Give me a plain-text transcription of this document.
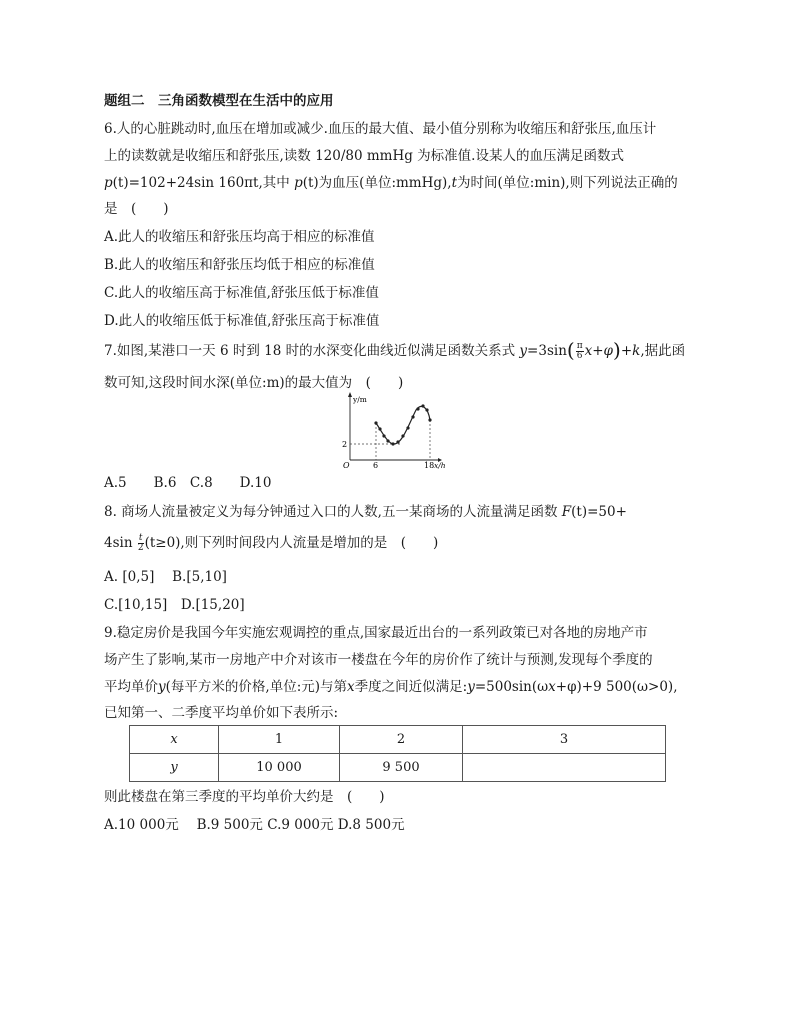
题组二　三角函数模型在生活中的应用
6.人的心脏跳动时,血压在增加或减少.血压的最大值、最小值分别称为收缩压和舒张压,血压计
上的读数就是收缩压和舒张压,读数 120/80 mmHg 为标准值.设某人的血压满足函数式
p(t)=102+24sin 160πt,其中 p(t)为血压(单位:mmHg),t为时间(单位:min),则下列说法正确的
是　(　　)
A.此人的收缩压和舒张压均高于相应的标准值
B.此人的收缩压和舒张压均低于相应的标准值
C.此人的收缩压高于标准值,舒张压低于标准值
D.此人的收缩压低于标准值,舒张压高于标准值
7.如图,某港口一天 6 时到 18 时的水深变化曲线近似满足函数关系式 $y=3\sin( \frac{\pi}{6} x+\varphi)+k$,据此函
数可知,这段时间水深(单位:m)的最大值为　(　　)
y/m
x/h
O
2
6	18
A.5　　B.6　C.8　　D.10
8. 商场人流量被定义为每分钟通过入口的人数,五一某商场的人流量满足函数 F(t)=50+
$4\sin \frac{t}{2} (t\ge 0)$,则下列时间段内人流量是增加的是　(　　)
A. [0,5]　 B.[5,10]
C.[10,15]　D.[15,20]
9.稳定房价是我国今年实施宏观调控的重点,国家最近出台的一系列政策已对各地的房地产市
场产生了影响,某市一房地产中介对该市一楼盘在今年的房价作了统计与预测,发现每个季度的
平均单价y(每平方米的价格,单位:元)与第x季度之间近似满足:y=500sin(ωx+φ)+9 500(ω>0),
已知第一、二季度平均单价如下表所示:
x	1	2	3
y	10 000	9 500	
则此楼盘在第三季度的平均单价大约是　(　　)
A.10 000元　 B.9 500元 C.9 000元 D.8 500元
